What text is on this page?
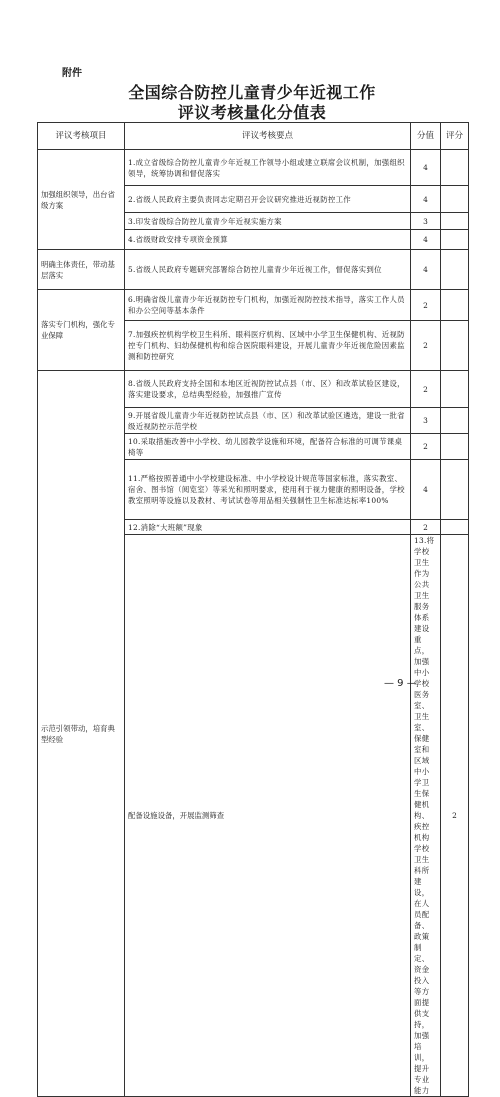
附件
全国综合防控儿童青少年近视工作
评议考核量化分值表
评议考核项目	评议考核要点	分值	评分	
加强组织领导，出台省级方案	1.成立省级综合防控儿童青少年近视工作领导小组或建立联席会议机制，加强组织领导，统筹协调和督促落实	4		
	2.省级人民政府主要负责同志定期召开会议研究推进近视防控工作	4		
	3.印发省级综合防控儿童青少年近视实施方案	3		
	4.省级财政安排专项资金预算	4		
明确主体责任，带动基层落实	5.省级人民政府专题研究部署综合防控儿童青少年近视工作，督促落实到位	4		
落实专门机构，强化专业保障	6.明确省级儿童青少年近视防控专门机构，加强近视防控技术指导，落实工作人员和办公空间等基本条件	2		
	7.加强疾控机构学校卫生科所、眼科医疗机构、区域中小学卫生保健机构、近视防控专门机构、妇幼保健机构和综合医院眼科建设，开展儿童青少年近视危险因素监测和防控研究	2		
示范引领带动，培育典型经验	8.省级人民政府支持全国和本地区近视防控试点县（市、区）和改革试验区建设，落实建设要求，总结典型经验，加强推广宣传	2		
	9.开展省级儿童青少年近视防控试点县（市、区）和改革试验区遴选，建设一批省级近视防控示范学校	3		
	10.采取措施改善中小学校、幼儿园教学设施和环境，配备符合标准的可调节课桌椅等	2		
	11.严格按照普通中小学校建设标准、中小学校设计规范等国家标准，落实教室、宿舍、图书馆（阅览室）等采光和照明要求，使用利于视力健康的照明设备，学校教室照明等设施以及教材、考试试卷等用品相关强制性卫生标准达标率100%	4		
	12.消除“大班额”现象	2		
	配备设施设备，开展监测筛查	13.将学校卫生作为公共卫生服务体系建设重点，加强中小学校医务室、卫生室、保健室和区域中小学卫生保健机构、疾控机构学校卫生科所建设，在人员配备、政策制定、资金投入等方面提供支持，加强培训，提升专业能力	2	
— 9 —
